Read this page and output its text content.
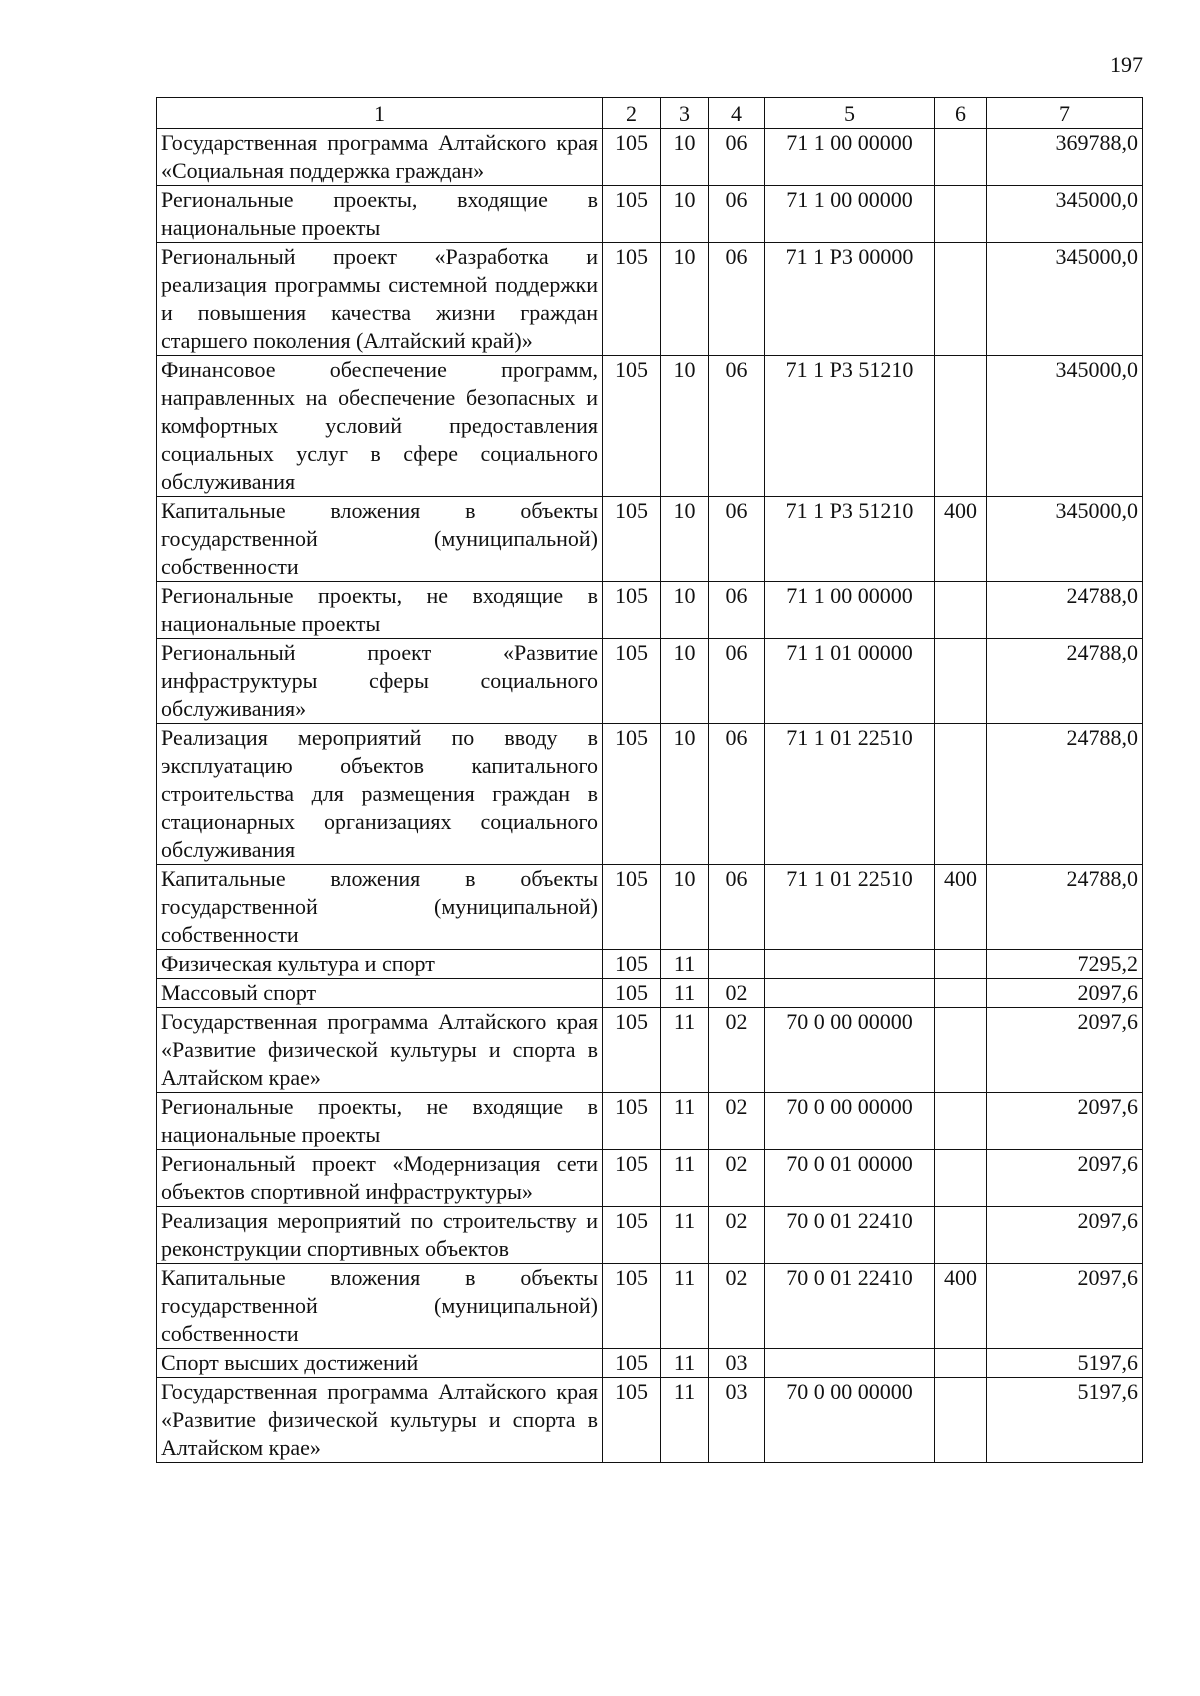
197
1	2	3	4	5	6	7
Государственная программа Алтайского края «Социальная поддержка граждан»	105	10	06	71 1 00 00000		369788,0
Региональные проекты, входящие в национальные проекты	105	10	06	71 1 00 00000		345000,0
Региональный проект «Разработка и реализация программы системной поддержки и повышения качества жизни граждан старшего поколения (Алтайский край)»	105	10	06	71 1 Р3 00000		345000,0
Финансовое обеспечение программ, направленных на обеспечение безопасных и комфортных условий предоставления социальных услуг в сфере социального обслуживания	105	10	06	71 1 Р3 51210		345000,0
Капитальные вложения в объекты государственной (муниципальной) собственности	105	10	06	71 1 Р3 51210	400	345000,0
Региональные проекты, не входящие в национальные проекты	105	10	06	71 1 00 00000		24788,0
Региональный проект «Развитие инфраструктуры сферы социального обслуживания»	105	10	06	71 1 01 00000		24788,0
Реализация мероприятий по вводу в эксплуатацию объектов капитального строительства для размещения граждан в стационарных организациях социального обслуживания	105	10	06	71 1 01 22510		24788,0
Капитальные вложения в объекты государственной (муниципальной) собственности	105	10	06	71 1 01 22510	400	24788,0
Физическая культура и спорт	105	11				7295,2
Массовый спорт	105	11	02			2097,6
Государственная программа Алтайского края «Развитие физической культуры и спорта в Алтайском крае»	105	11	02	70 0 00 00000		2097,6
Региональные проекты, не входящие в национальные проекты	105	11	02	70 0 00 00000		2097,6
Региональный проект «Модернизация сети объектов спортивной инфраструктуры»	105	11	02	70 0 01 00000		2097,6
Реализация мероприятий по строительству и реконструкции спортивных объектов	105	11	02	70 0 01 22410		2097,6
Капитальные вложения в объекты государственной (муниципальной) собственности	105	11	02	70 0 01 22410	400	2097,6
Спорт высших достижений	105	11	03			5197,6
Государственная программа Алтайского края «Развитие физической культуры и спорта в Алтайском крае»	105	11	03	70 0 00 00000		5197,6
